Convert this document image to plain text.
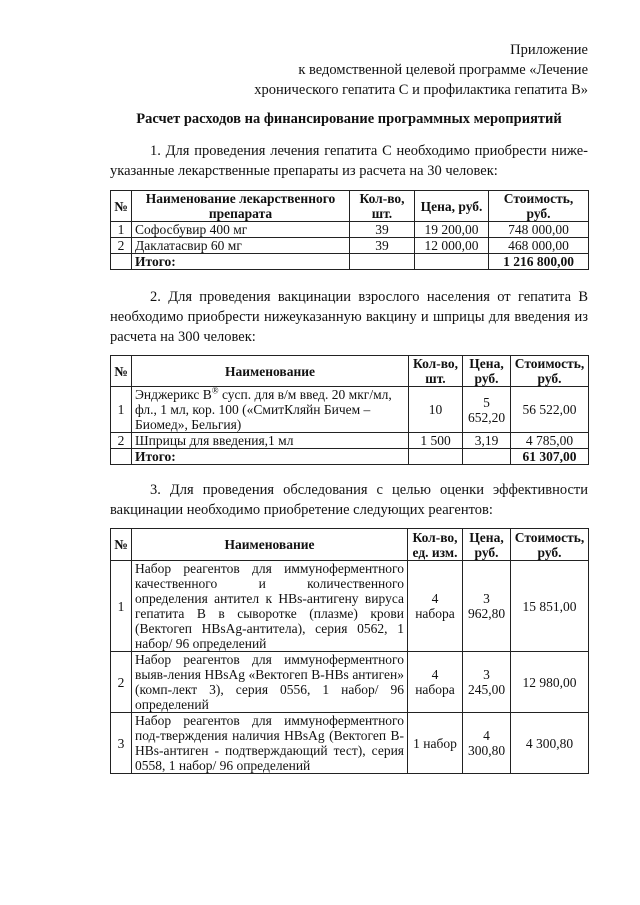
Приложение
к ведомственной целевой программе «Лечение
хронического гепатита С и профилактика гепатита В»
Расчет расходов на финансирование программных мероприятий
1. Для проведения лечения гепатита С необходимо приобрести ниже-указанные лекарственные препараты из расчета на 30 человек:
№	Наименование лекарственного препарата	Кол-во, шт.	Цена, руб.	Стоимость, руб.
1	Софосбувир 400 мг	39	19 200,00	748 000,00
2	Даклатасвир 60 мг	39	12 000,00	468 000,00
	Итого:			1 216 800,00
2. Для проведения вакцинации взрослого населения от гепатита В необходимо приобрести нижеуказанную вакцину и шприцы для введения из расчета на 300 человек:
№	Наименование	Кол-во, шт.	Цена, руб.	Стоимость, руб.
1	Энджерикс В® сусп. для в/м введ. 20 мкг/мл, фл., 1 мл, кор. 100 («СмитКляйн Бичем – Биомед», Бельгия)	10	5 652,20	56 522,00
2	Шприцы для введения,1 мл	1 500	3,19	4 785,00
	Итого:			61 307,00
3. Для проведения обследования с целью оценки эффективности вакцинации необходимо приобретение следующих реагентов:
№	Наименование	Кол-во, ед. изм.	Цена, руб.	Стоимость, руб.
1	Набор реагентов для иммуноферментного качественного и количественного определения антител к HBs-антигену вируса гепатита В в сыворотке (плазме) крови (Вектогеп HBsAg-антитела), серия 0562, 1 набор/ 96 определений	4 набора	3 962,80	15 851,00
2	Набор реагентов для иммуноферментного выяв-ления HBsAg «Вектогеп В-HBs антиген» (комп-лект 3), серия 0556, 1 набор/ 96 определений	4 набора	3 245,00	12 980,00
3	Набор реагентов для иммуноферментного под-тверждения наличия HBsAg (Вектогеп В-HBs-антиген - подтверждающий тест), серия 0558, 1 набор/ 96 определений	1 набор	4 300,80	4 300,80
